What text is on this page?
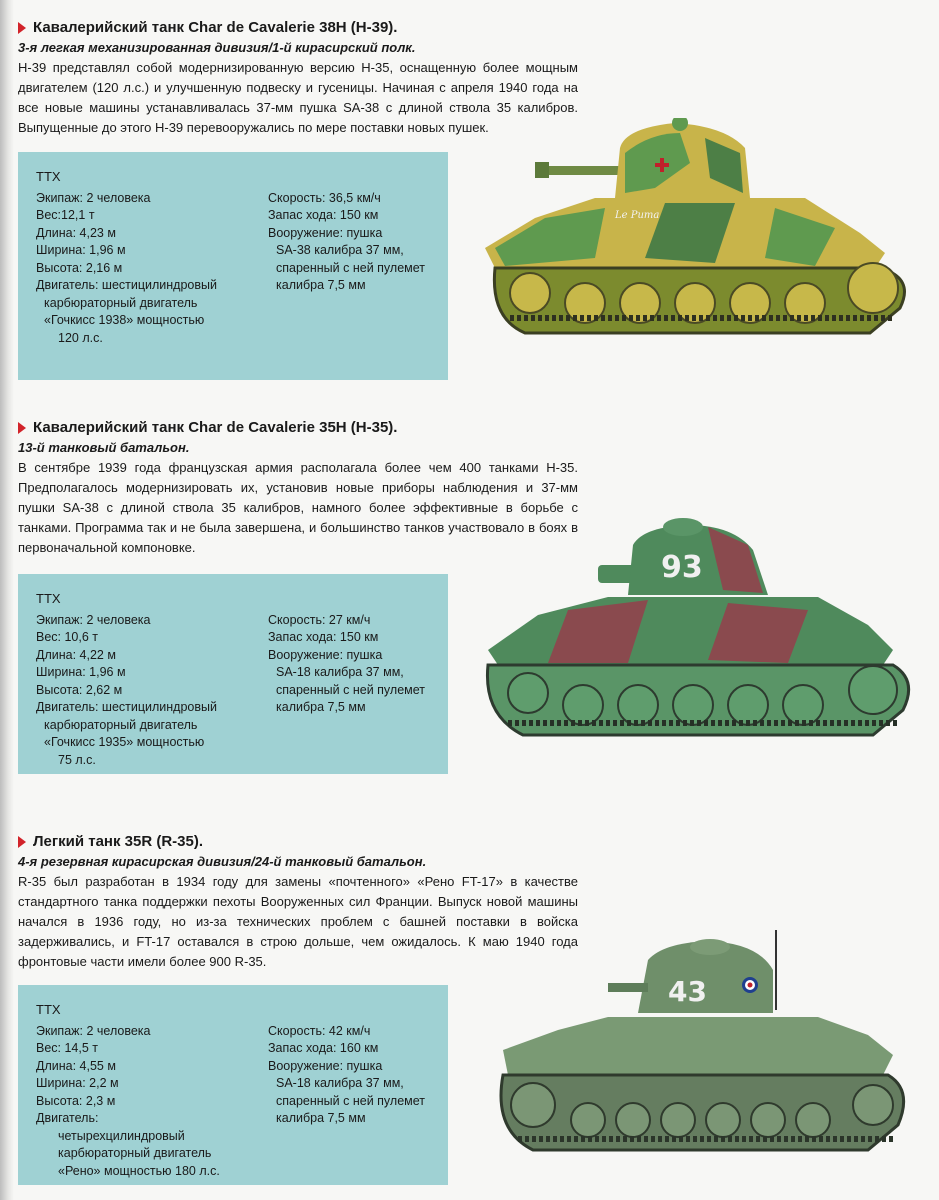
Кавалерийский танк Char de Cavalerie 38H (H-39).
3-я легкая механизированная дивизия/1-й кирасирский полк.

H-39 представлял собой модернизированную версию H-35, оснащенную более мощным двигателем (120 л.с.) и улучшенную подвеску и гусеницы. Начиная с апреля 1940 года на все новые машины устанавливалась 37-мм пушка SA-38 с длиной ствола 35 калибров. Выпущенные до этого H-39 перевооружались по мере поставки новых пушек.

ТТХ
Экипаж: 2 человека
Вес:12,1 т
Длина: 4,23 м
Ширина: 1,96 м
Высота: 2,16 м
Двигатель: шестицилиндровый
карбюраторный двигатель
«Гочкисс 1938» мощностью
120 л.с.
Скорость: 36,5 км/ч
Запас хода: 150 км
Вооружение: пушка
SA-38 калибра 37 мм,
спаренный с ней пулемет
калибра 7,5 мм
Le Puma
Кавалерийский танк Char de Cavalerie 35H (H-35).
13-й танковый батальон.

В сентябре 1939 года французская армия располагала более чем 400 танками H-35. Предполагалось модернизировать их, установив новые приборы наблюдения и 37-мм пушки SA-38 с длиной ствола 35 калибров, намного более эффективные в борьбе с танками. Программа так и не была завершена, и большинство танков участвовало в боях в первоначальной компоновке.

ТТХ
Экипаж: 2 человека
Вес: 10,6 т
Длина: 4,22 м
Ширина: 1,96 м
Высота: 2,62 м
Двигатель: шестицилиндровый
карбюраторный двигатель
«Гочкисс 1935» мощностью
75 л.с.
Скорость: 27 км/ч
Запас хода: 150 км
Вооружение: пушка
SA-18 калибра 37 мм,
спаренный с ней пулемет
калибра 7,5 мм
93
Легкий танк 35R (R-35).
4-я резервная кирасирская дивизия/24-й танковый батальон.

R-35 был разработан в 1934 году для замены «почтенного» «Рено FT-17» в качестве стандартного танка поддержки пехоты Вооруженных сил Франции. Выпуск новой машины начался в 1936 году, но из-за технических проблем с башней поставки в войска задерживались, и FT-17 оставался в строю дольше, чем ожидалось. К маю 1940 года фронтовые части имели более 900 R-35.

ТТХ
Экипаж: 2 человека
Вес: 14,5 т
Длина: 4,55 м
Ширина: 2,2 м
Высота: 2,3 м
Двигатель:
четырехцилиндровый
карбюраторный двигатель
«Рено» мощностью 180 л.с.
Скорость: 42 км/ч
Запас хода: 160 км
Вооружение: пушка
SA-18 калибра 37 мм,
спаренный с ней пулемет
калибра 7,5 мм
43
